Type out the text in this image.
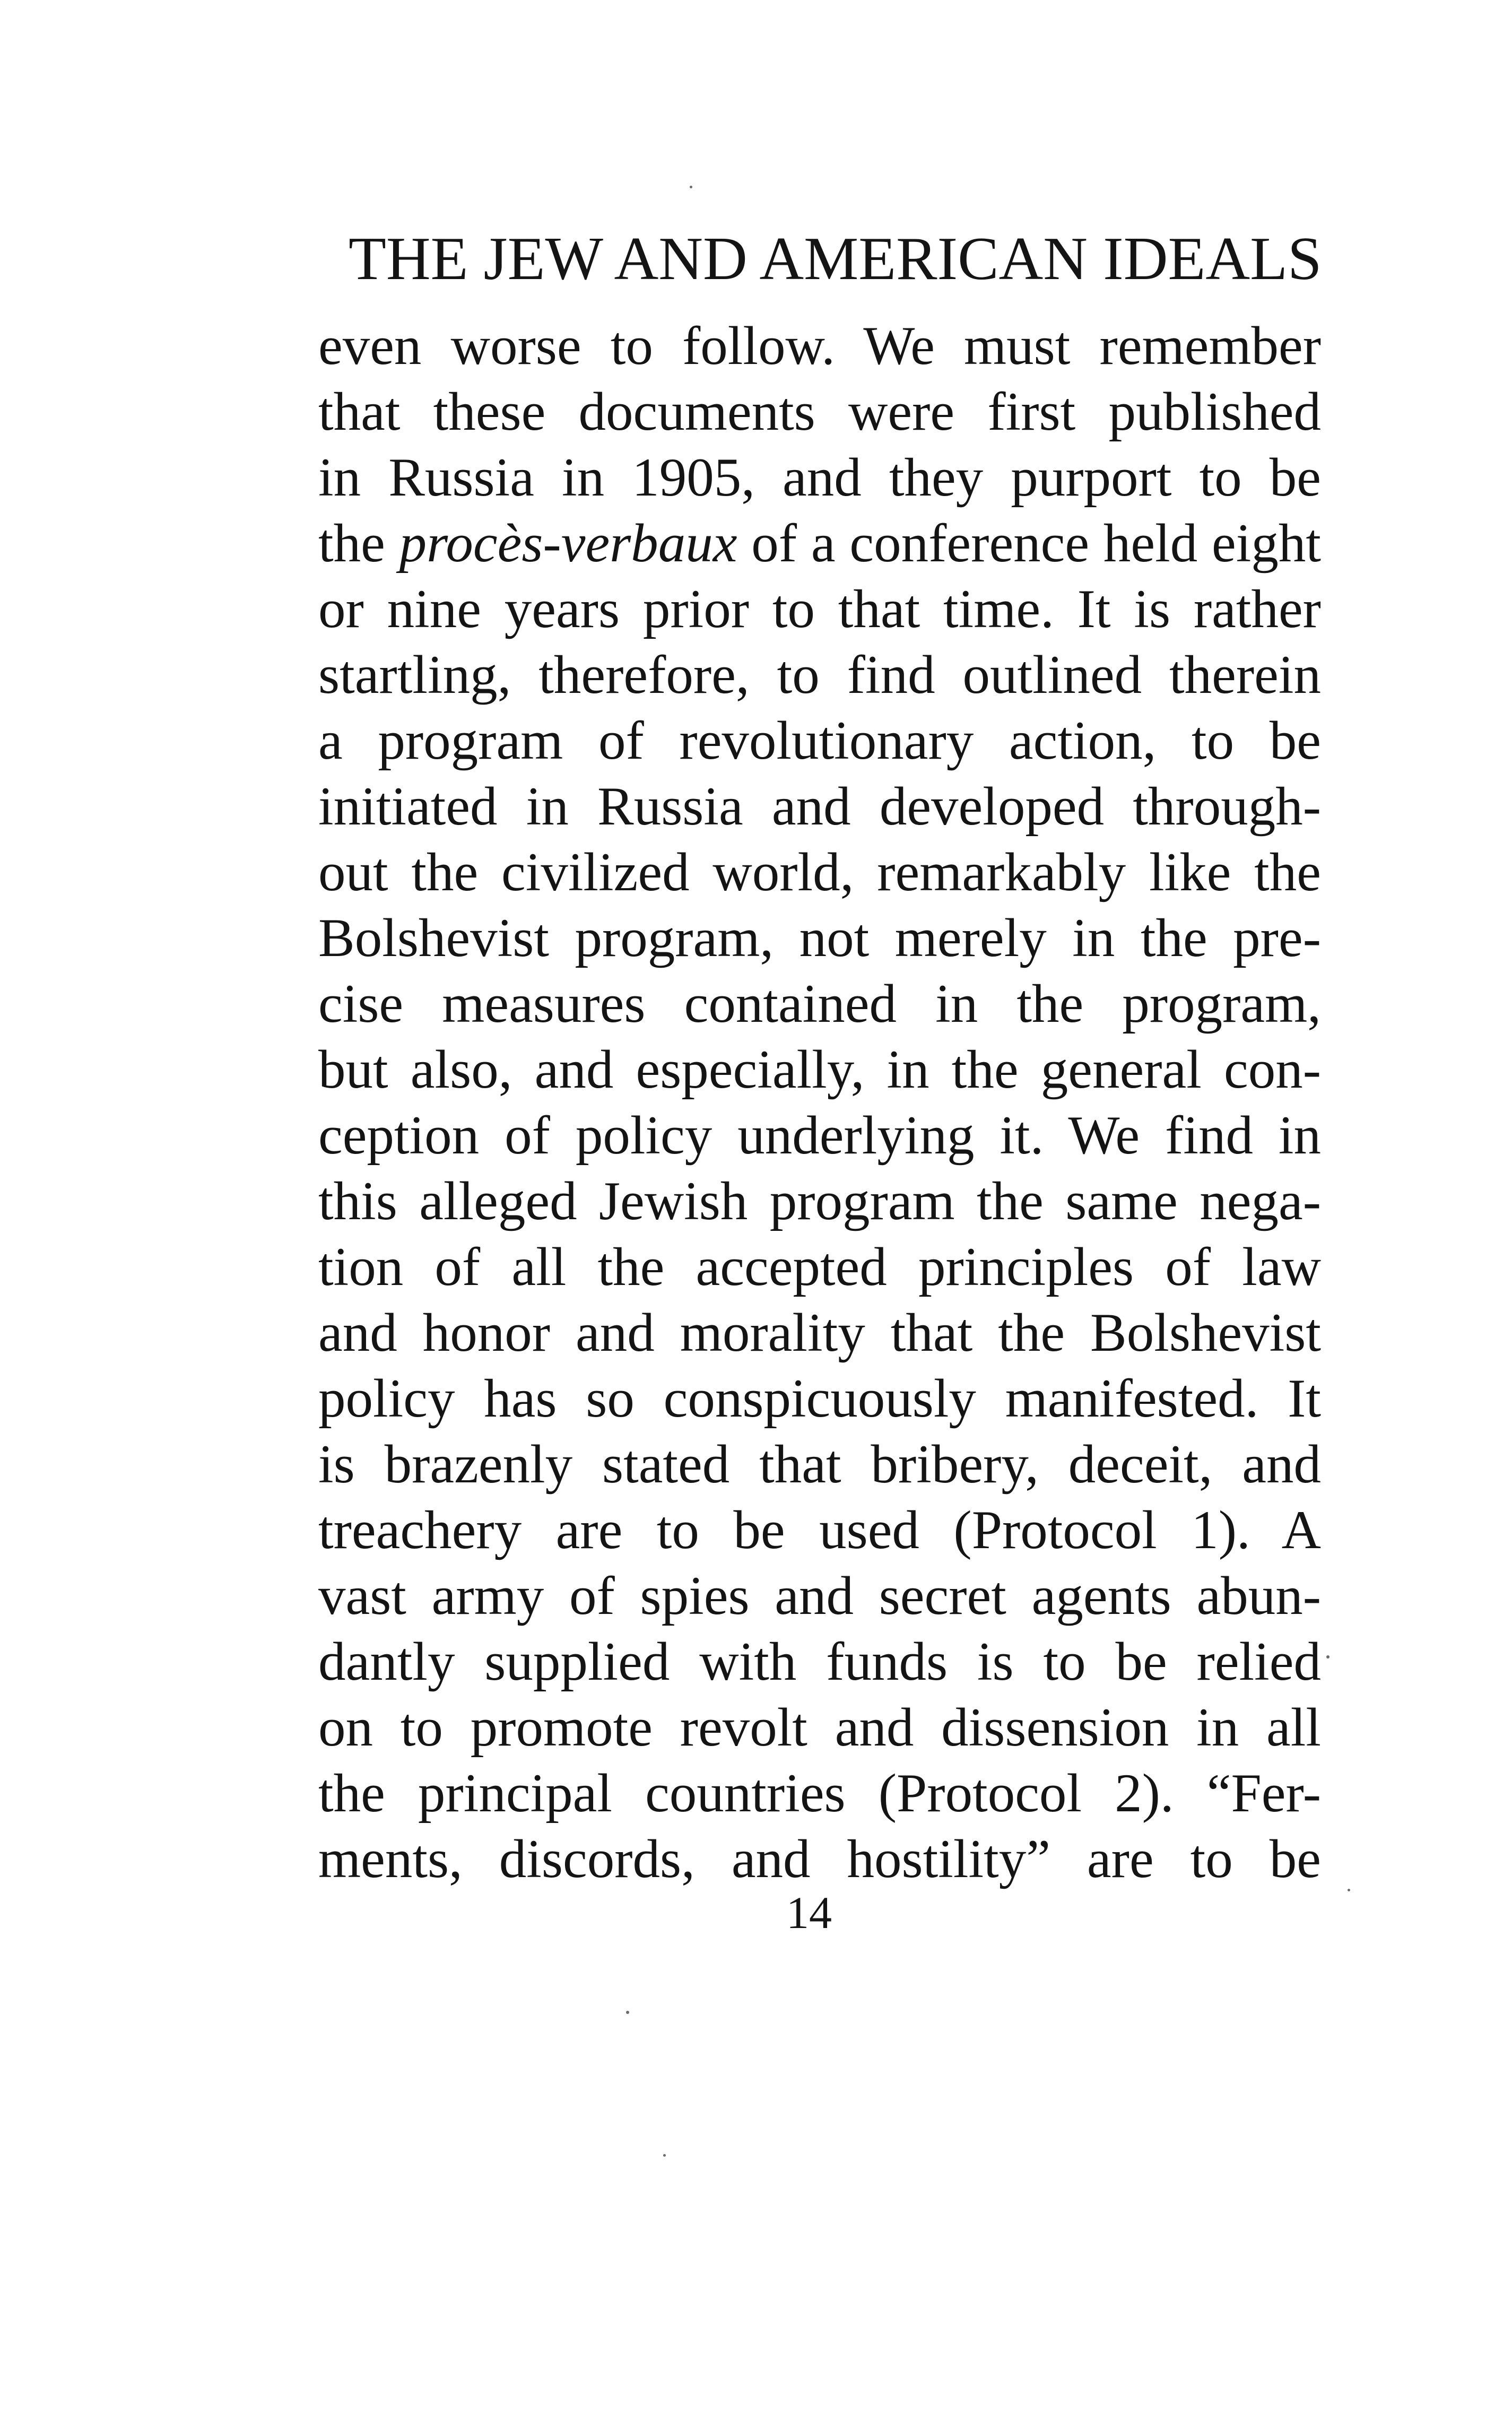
THE JEW AND AMERICAN IDEALS
even worse to follow. We must remember
that these documents were first published
in Russia in 1905, and they purport to be
the procès-verbaux of a conference held eight
or nine years prior to that time. It is rather
startling, therefore, to find outlined therein
a program of revolutionary action, to be
initiated in Russia and developed through-
out the civilized world, remarkably like the
Bolshevist program, not merely in the pre-
cise measures contained in the program,
but also, and especially, in the general con-
ception of policy underlying it. We find in
this alleged Jewish program the same nega-
tion of all the accepted principles of law
and honor and morality that the Bolshevist
policy has so conspicuously manifested. It
is brazenly stated that bribery, deceit, and
treachery are to be used (Protocol 1). A
vast army of spies and secret agents abun-
dantly supplied with funds is to be relied
on to promote revolt and dissension in all
the principal countries (Protocol 2). “Fer-
ments, discords, and hostility” are to be
14
